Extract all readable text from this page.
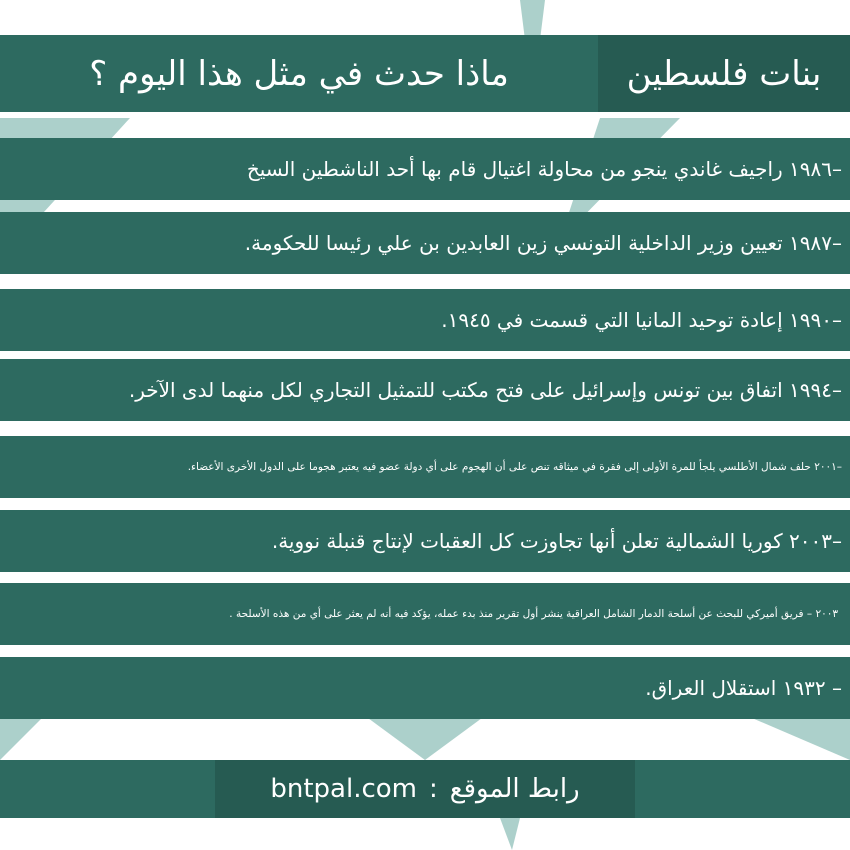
ماذا حدث في مثل هذا اليوم ؟	بنات فلسطين
–١٩٨٦ راجيف غاندي ينجو من محاولة اغتيال قام بها أحد الناشطين السيخ
–١٩٨٧ تعيين وزير الداخلية التونسي زين العابدين بن علي رئيسا للحكومة.
–١٩٩٠ إعادة توحيد المانيا التي قسمت في ١٩٤٥.
–١٩٩٤ اتفاق بين تونس وإسرائيل على فتح مكتب للتمثيل التجاري لكل منهما لدى الآخر.
–٢٠٠١ حلف شمال الأطلسي يلجأ للمرة الأولى إلى فقرة في ميثاقه تنص على أن الهجوم على أي دولة عضو فيه يعتبر هجوما على الدول الأخرى الأعضاء.
–٢٠٠٣ كوريا الشمالية تعلن أنها تجاوزت كل العقبات لإنتاج قنبلة نووية.
٢٠٠٣ – فريق أميركي للبحث عن أسلحة الدمار الشامل العراقية ينشر أول تقرير منذ بدء عمله، يؤكد فيه أنه لم يعثر على أي من هذه الأسلحة .
– ١٩٣٢ استقلال العراق.
رابط الموقع
:
bntpal.com
